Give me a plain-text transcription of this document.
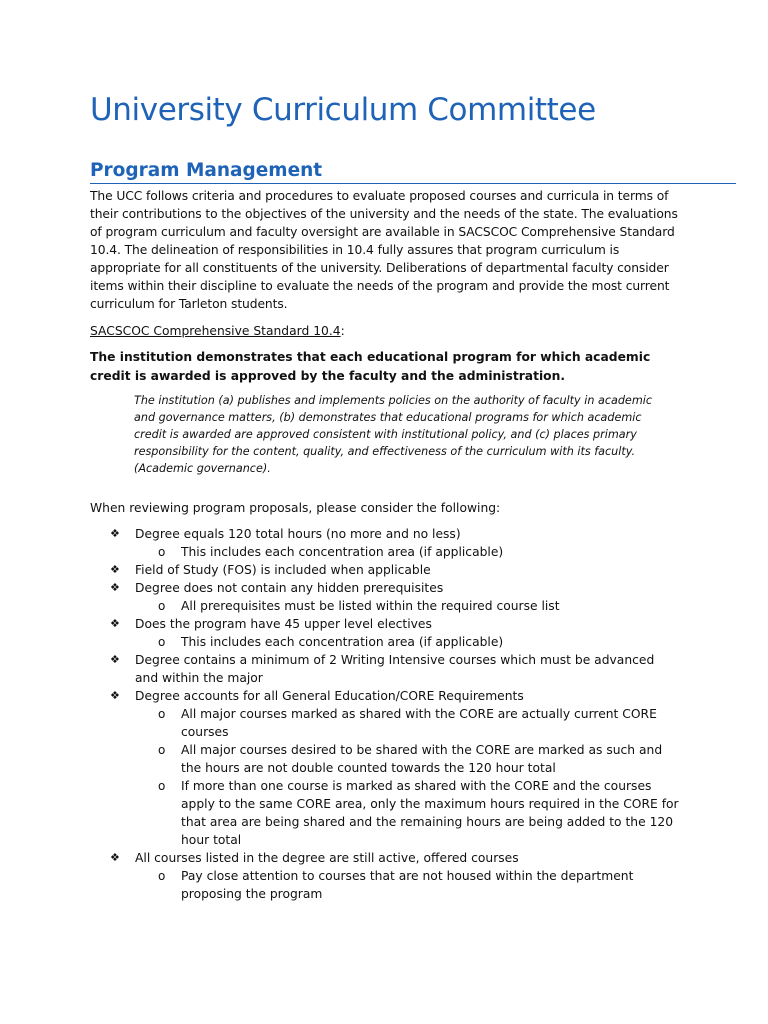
University Curriculum Committee
Program Management

The UCC follows criteria and procedures to evaluate proposed courses and curricula in terms of their contributions to the objectives of the university and the needs of the state. The evaluations of program curriculum and faculty oversight are available in SACSCOC Comprehensive Standard 10.4. The delineation of responsibilities in 10.4 fully assures that program curriculum is appropriate for all constituents of the university. Deliberations of departmental faculty consider items within their discipline to evaluate the needs of the program and provide the most current curriculum for Tarleton students.

SACSCOC Comprehensive Standard 10.4:

The institution demonstrates that each educational program for which academic credit is awarded is approved by the faculty and the administration.

The institution (a) publishes and implements policies on the authority of faculty in academic and governance matters, (b) demonstrates that educational programs for which academic credit is awarded are approved consistent with institutional policy, and (c) places primary responsibility for the content, quality, and effectiveness of the curriculum with its faculty. (Academic governance).

When reviewing program proposals, please consider the following:

❖ Degree equals 120 total hours (no more and no less)
o This includes each concentration area (if applicable)
❖ Field of Study (FOS) is included when applicable
❖ Degree does not contain any hidden prerequisites
o All prerequisites must be listed within the required course list
❖ Does the program have 45 upper level electives
o This includes each concentration area (if applicable)
❖ Degree contains a minimum of 2 Writing Intensive courses which must be advanced and within the major
❖ Degree accounts for all General Education/CORE Requirements
o All major courses marked as shared with the CORE are actually current CORE courses
o All major courses desired to be shared with the CORE are marked as such and the hours are not double counted towards the 120 hour total
o If more than one course is marked as shared with the CORE and the courses apply to the same CORE area, only the maximum hours required in the CORE for that area are being shared and the remaining hours are being added to the 120 hour total
❖ All courses listed in the degree are still active, offered courses
o Pay close attention to courses that are not housed within the department proposing the program
